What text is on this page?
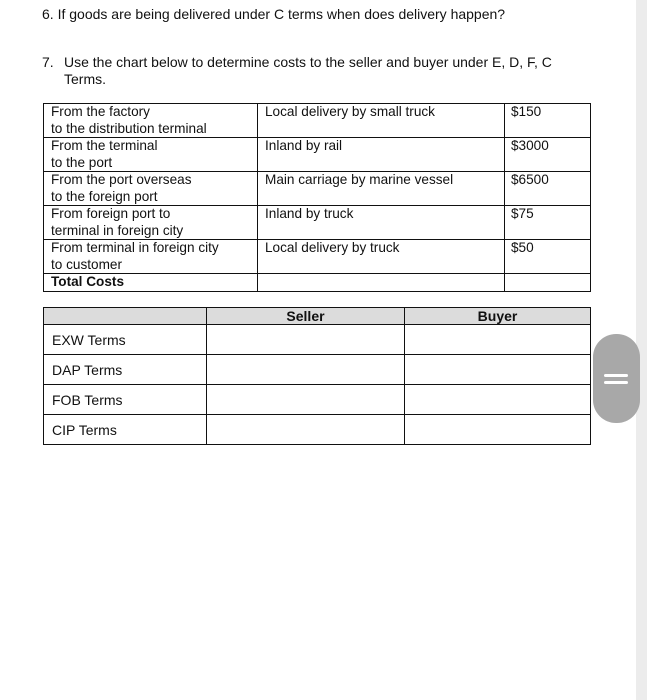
6. If goods are being delivered under C terms when does delivery happen?
7. Use the chart below to determine costs to the seller and buyer under E, D, F, C Terms.
From the factory
to the distribution terminal	Local delivery by small truck	$150

From the terminal
to the port	Inland by rail	$3000

From the port overseas
to the foreign port	Main carriage by marine vessel	$6500

From foreign port to
terminal in foreign city	Inland by truck	$75

From terminal in foreign city
to customer	Local delivery by truck	$50
Total Costs		
	Seller	Buyer
EXW Terms		
DAP Terms		
FOB Terms		
CIP Terms		
